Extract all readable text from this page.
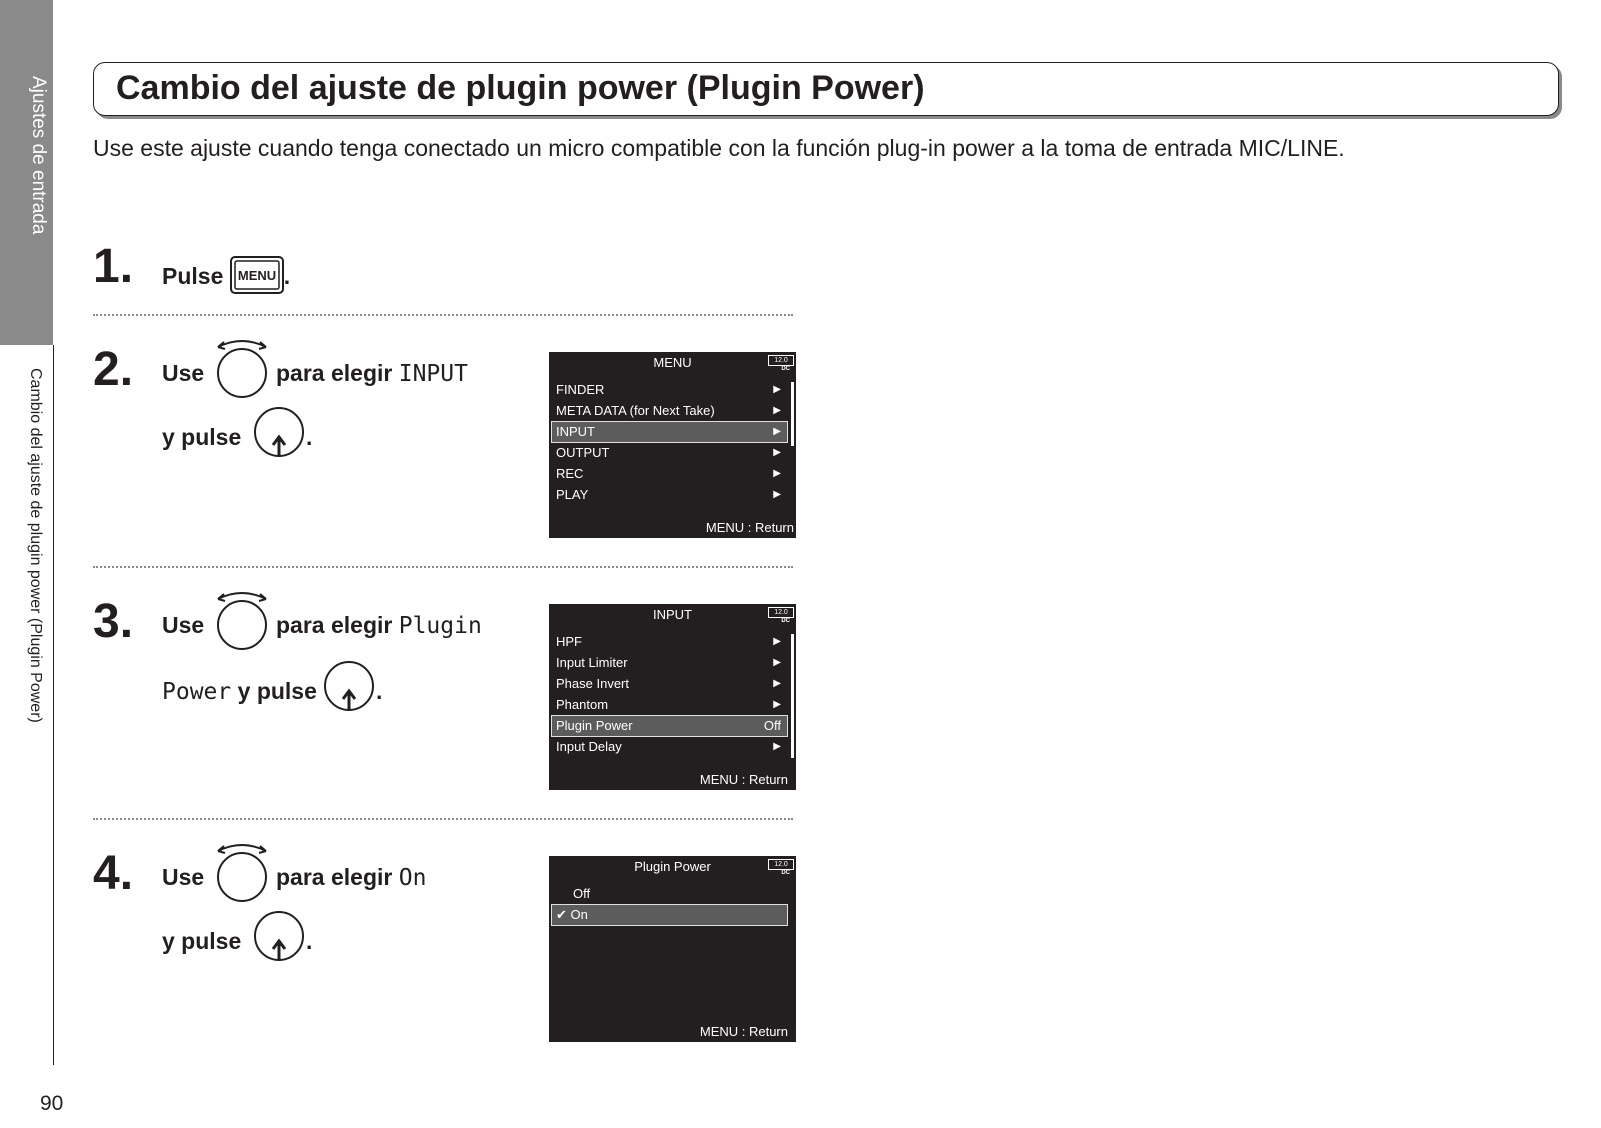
Ajustes de entrada
Cambio del ajuste de plugin power (Plugin Power)
90
Cambio del ajuste de plugin power (Plugin Power)
Use este ajuste cuando tenga conectado un micro compatible con la función plug-in power a la toma de entrada MIC/LINE.
1. Pulse MENU .
2. Use	para elegir INPUT
y pulse	.
MENU	12.0
DC
FINDER	▶
META DATA (for Next Take)	▶
INPUT	▶
OUTPUT	▶
REC	▶
PLAY	▶
MENU : Return
3. Use	para elegir Plugin
Power y pulse	.
INPUT	12.0
DC
HPF	▶
Input Limiter	▶
Phase Invert	▶
Phantom	▶
Plugin Power	Off
Input Delay	▶
MENU : Return
4. Use	para elegir On
y pulse	.
Plugin Power	12.0
DC
Off
✔ On
MENU : Return
